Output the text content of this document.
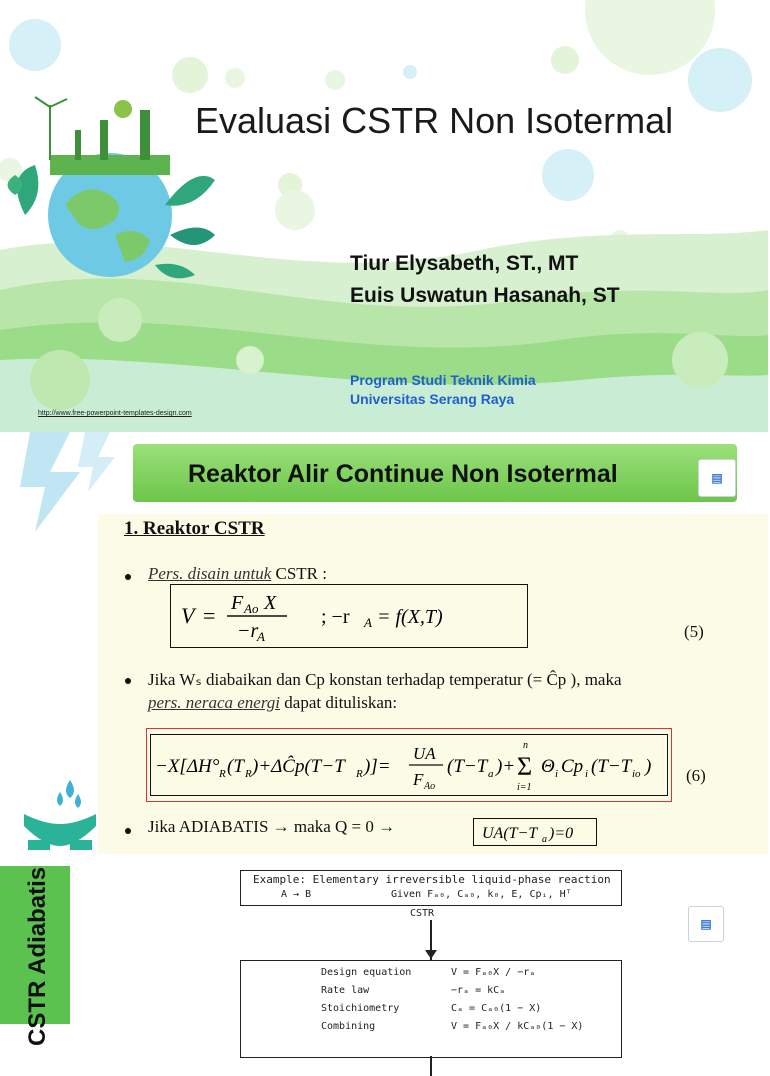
Evaluasi CSTR Non Isotermal
Tiur Elysabeth, ST., MT
Euis Uswatun Hasanah, ST
Program Studi Teknik Kimia
Universitas Serang Raya
http://www.free-powerpoint-templates-design.com
Reaktor Alir Continue Non Isotermal	▤
1. Reaktor CSTR
Pers. disain untuk CSTR :
V = F Ao X
−r
A
; −r A = f(X,T)
(5)
Jika Wₛ diabaikan dan Cp konstan terhadap temperatur (= Ĉp ), maka
pers. neraca energi dapat dituliskan:
−X[ΔH° R (T R )+ΔĈp(T−T R )]=
UA
F Ao
(T−T a )+
n
Σ
i=1
Θ i Cp i (T−T io ) (6)
Jika ADIABATIS → maka Q = 0 →	UA(T−T a )=0
CSTR Adiabatis	Example: Elementary irreversible liquid-phase reaction
A → B	Given Fₐ₀, Cₐ₀, k₀, E, Cpᵢ, Hᵀ
CSTR
Design equation	V = Fₐ₀X / −rₐ
Rate law	−rₐ = kCₐ
Stoichiometry	Cₐ = Cₐ₀(1 − X)
Combining	V = Fₐ₀X / kCₐ₀(1 − X)
▤
